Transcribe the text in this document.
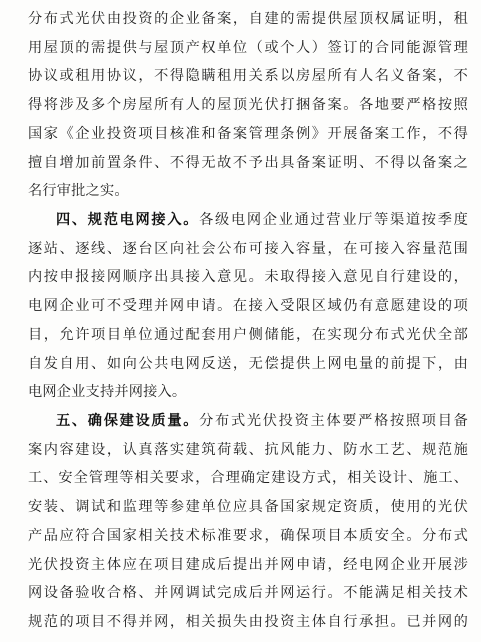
分布式光伏由投资的企业备案，自建的需提供屋顶权属证明，租
用屋顶的需提供与屋顶产权单位（或个人）签订的合同能源管理
协议或租用协议，不得隐瞒租用关系以房屋所有人名义备案，不
得将涉及多个房屋所有人的屋顶光伏打捆备案。各地要严格按照
国家《企业投资项目核准和备案管理条例》开展备案工作，不得
擅自增加前置条件、不得无故不予出具备案证明、不得以备案之
名行审批之实。
四、规范电网接入。各级电网企业通过营业厅等渠道按季度
逐站、逐线、逐台区向社会公布可接入容量，在可接入容量范围
内按申报接网顺序出具接入意见。未取得接入意见自行建设的，
电网企业可不受理并网申请。在接入受限区域仍有意愿建设的项
目，允许项目单位通过配套用户侧储能，在实现分布式光伏全部
自发自用、如向公共电网反送，无偿提供上网电量的前提下，由
电网企业支持并网接入。
五、确保建设质量。分布式光伏投资主体要严格按照项目备
案内容建设，认真落实建筑荷载、抗风能力、防水工艺、规范施
工、安全管理等相关要求，合理确定建设方式，相关设计、施工、
安装、调试和监理等参建单位应具备国家规定资质，使用的光伏
产品应符合国家相关技术标准要求，确保项目本质安全。分布式
光伏投资主体应在项目建成后提出并网申请，经电网企业开展涉
网设备验收合格、并网调试完成后并网运行。不能满足相关技术
规范的项目不得并网，相关损失由投资主体自行承担。已并网的
